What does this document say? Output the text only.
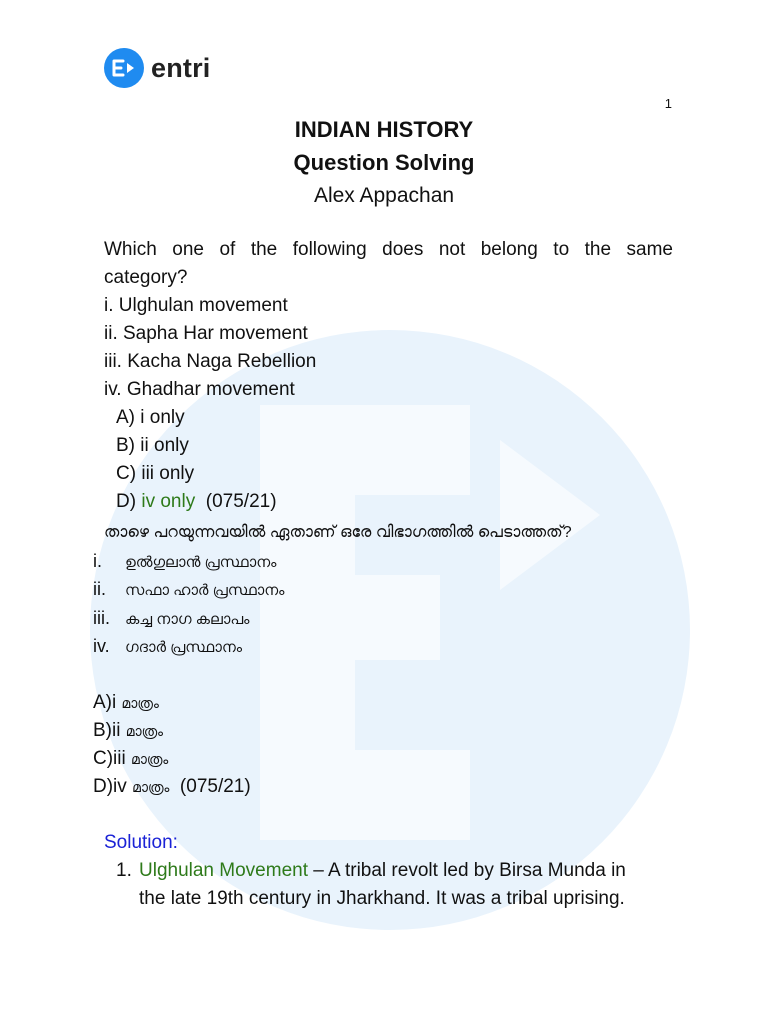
entri
1
INDIAN HISTORY
Question Solving
Alex Appachan
Which one of the following does not belong to the same
category?
i. Ulghulan movement
ii. Sapha Har movement
iii. Kacha Naga Rebellion
iv. Ghadhar movement
A) i only
B) ii only
C) iii only
D) iv only (075/21)
താഴെ പറയുന്നവയിൽ ഏതാണ് ഒരേ വിഭാഗത്തിൽ പെടാത്തത്?
i. ഉൽഗുലാൻ പ്രസ്ഥാനം
ii. സഫാ ഹാർ പ്രസ്ഥാനം
iii. കച്ച നാഗ കലാപം
iv. ഗദാർ പ്രസ്ഥാനം
A)i മാത്രം
B)ii മാത്രം
C)iii മാത്രം
D)iv മാത്രം (075/21)
Solution:
1. Ulghulan Movement – A tribal revolt led by Birsa Munda in
the late 19th century in Jharkhand. It was a tribal uprising.
